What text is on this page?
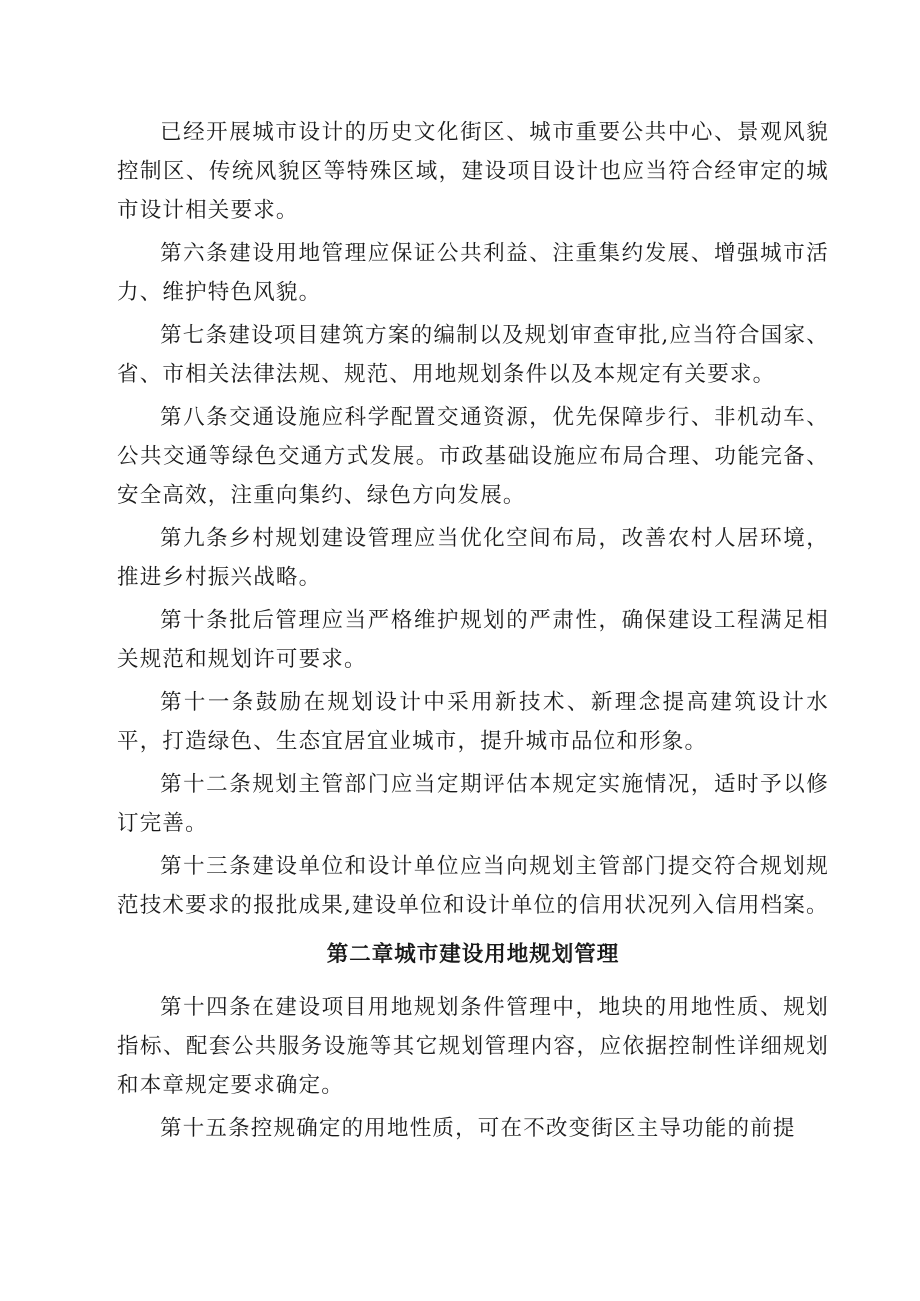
已经开展城市设计的历史文化街区、城市重要公共中心、景观风貌控制区、传统风貌区等特殊区域，建设项目设计也应当符合经审定的城市设计相关要求。

第六条建设用地管理应保证公共利益、注重集约发展、增强城市活力、维护特色风貌。

第七条建设项目建筑方案的编制以及规划审查审批,应当符合国家、省、市相关法律法规、规范、用地规划条件以及本规定有关要求。

第八条交通设施应科学配置交通资源，优先保障步行、非机动车、公共交通等绿色交通方式发展。市政基础设施应布局合理、功能完备、安全高效，注重向集约、绿色方向发展。

第九条乡村规划建设管理应当优化空间布局，改善农村人居环境，推进乡村振兴战略。

第十条批后管理应当严格维护规划的严肃性，确保建设工程满足相关规范和规划许可要求。

第十一条鼓励在规划设计中采用新技术、新理念提高建筑设计水平，打造绿色、生态宜居宜业城市，提升城市品位和形象。

第十二条规划主管部门应当定期评估本规定实施情况，适时予以修订完善。

第十三条建设单位和设计单位应当向规划主管部门提交符合规划规范技术要求的报批成果,建设单位和设计单位的信用状况列入信用档案。

第二章城市建设用地规划管理

第十四条在建设项目用地规划条件管理中，地块的用地性质、规划指标、配套公共服务设施等其它规划管理内容，应依据控制性详细规划和本章规定要求确定。

第十五条控规确定的用地性质，可在不改变街区主导功能的前提
